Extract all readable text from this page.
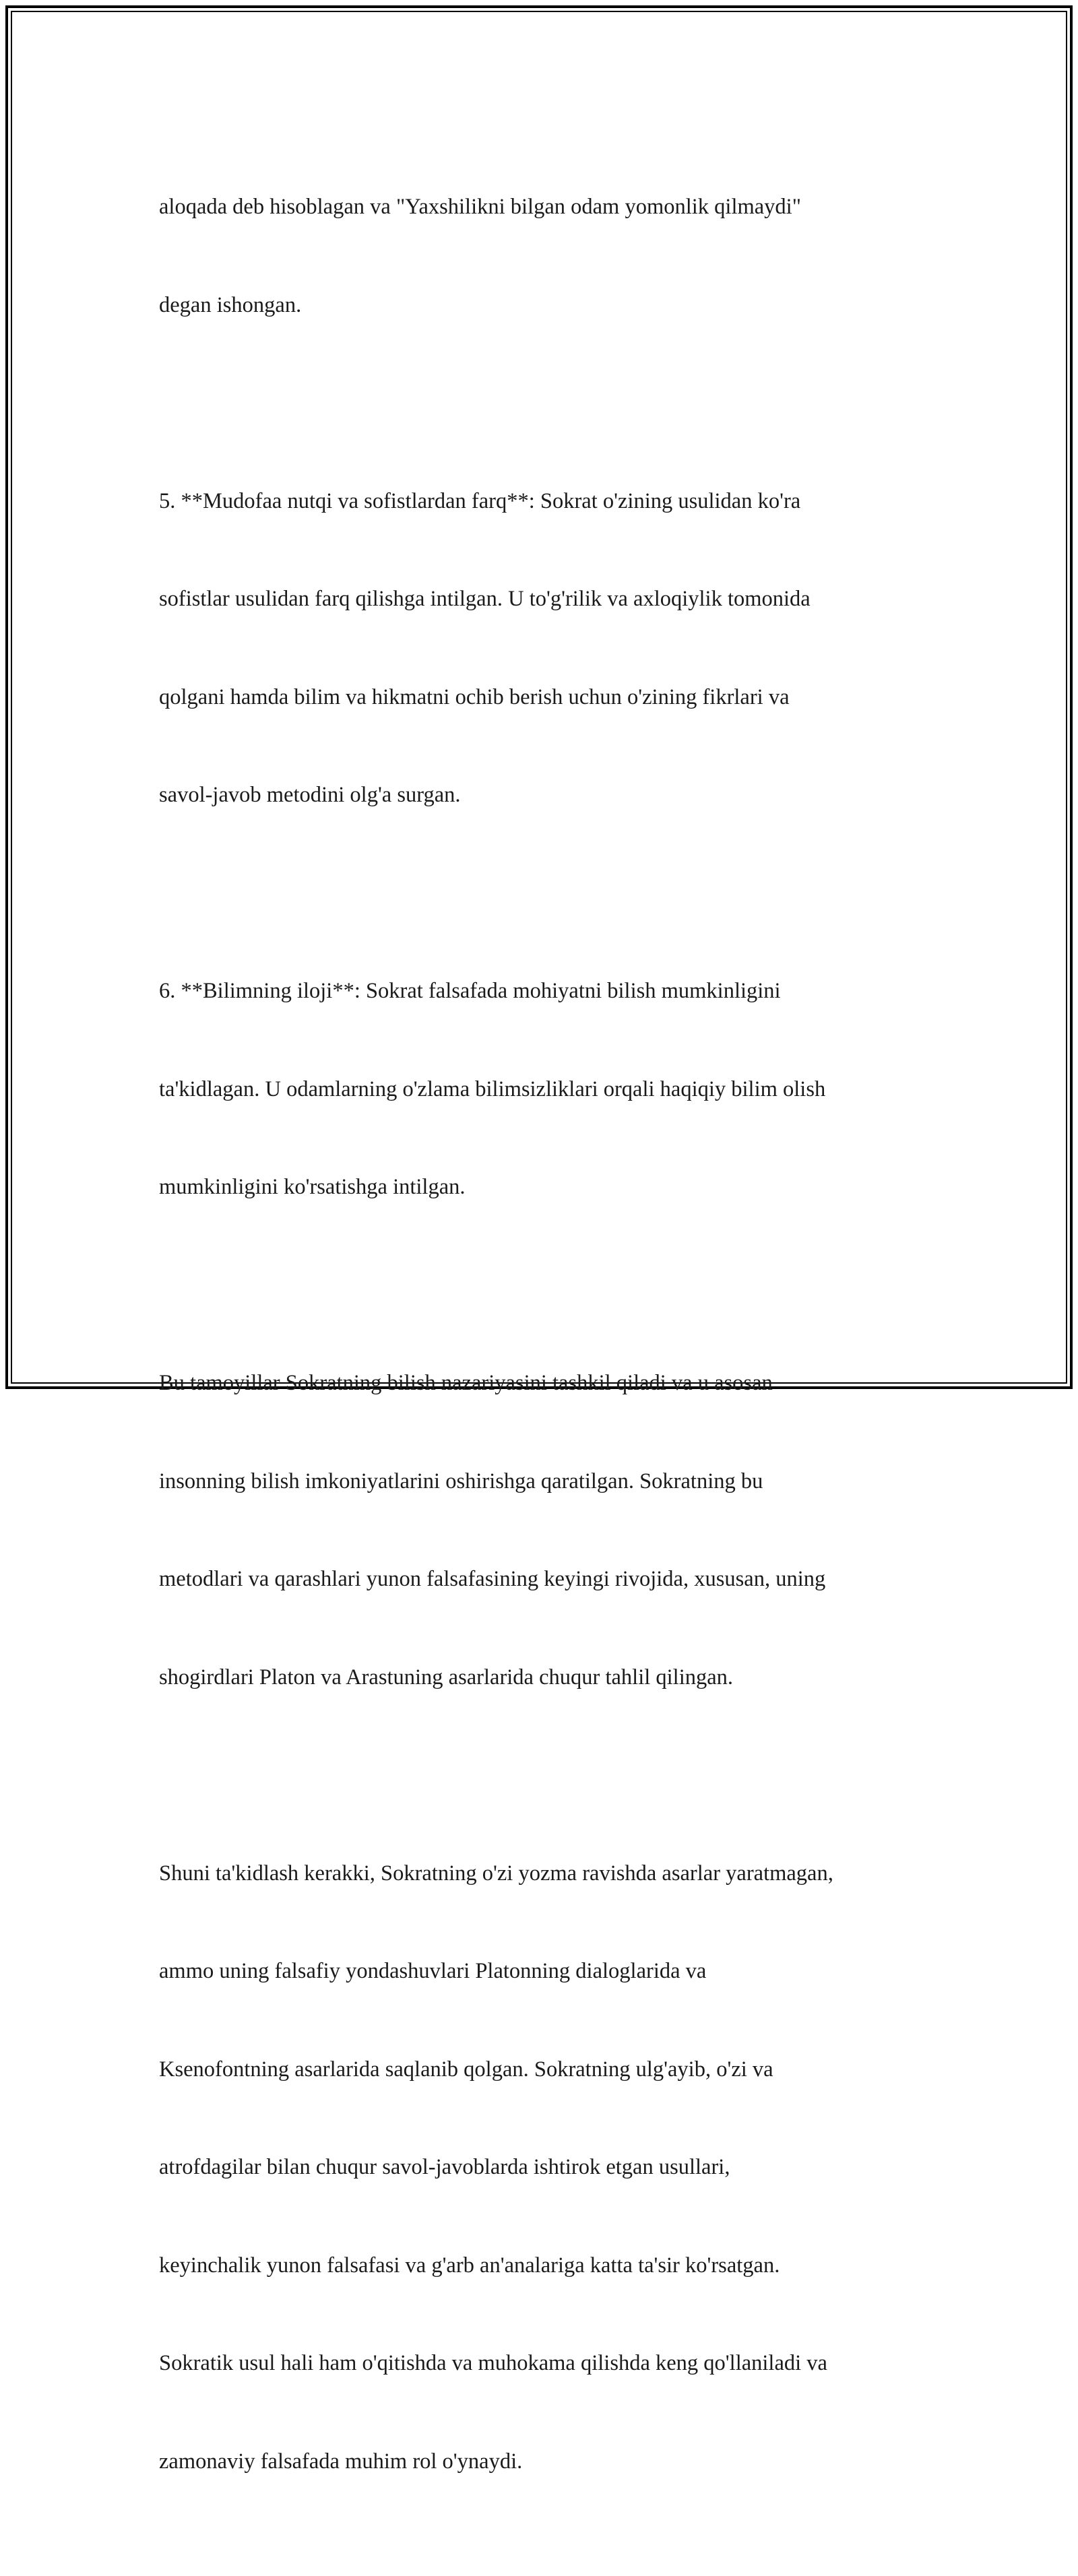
aloqada deb hisoblagan va "Yaxshilikni bilgan odam yomonlik qilmaydi"

degan ishongan.

5. **Mudofaa nutqi va sofistlardan farq**: Sokrat o'zining usulidan ko'ra

sofistlar usulidan farq qilishga intilgan. U to'g'rilik va axloqiylik tomonida

qolgani hamda bilim va hikmatni ochib berish uchun o'zining fikrlari va

savol-javob metodini olg'a surgan.

6. **Bilimning iloji**: Sokrat falsafada mohiyatni bilish mumkinligini

ta'kidlagan. U odamlarning o'zlama bilimsizliklari orqali haqiqiy bilim olish

mumkinligini ko'rsatishga intilgan.

Bu tamoyillar Sokratning bilish nazariyasini tashkil qiladi va u asosan

insonning bilish imkoniyatlarini oshirishga qaratilgan. Sokratning bu

metodlari va qarashlari yunon falsafasining keyingi rivojida, xususan, uning

shogirdlari Platon va Arastuning asarlarida chuqur tahlil qilingan.

Shuni ta'kidlash kerakki, Sokratning o'zi yozma ravishda asarlar yaratmagan,

ammo uning falsafiy yondashuvlari Platonning dialoglarida va

Ksenofontning asarlarida saqlanib qolgan. Sokratning ulg'ayib, o'zi va

atrofdagilar bilan chuqur savol-javoblarda ishtirok etgan usullari,

keyinchalik yunon falsafasi va g'arb an'analariga katta ta'sir ko'rsatgan.

Sokratik usul hali ham o'qitishda va muhokama qilishda keng qo'llaniladi va

zamonaviy falsafada muhim rol o'ynaydi.
